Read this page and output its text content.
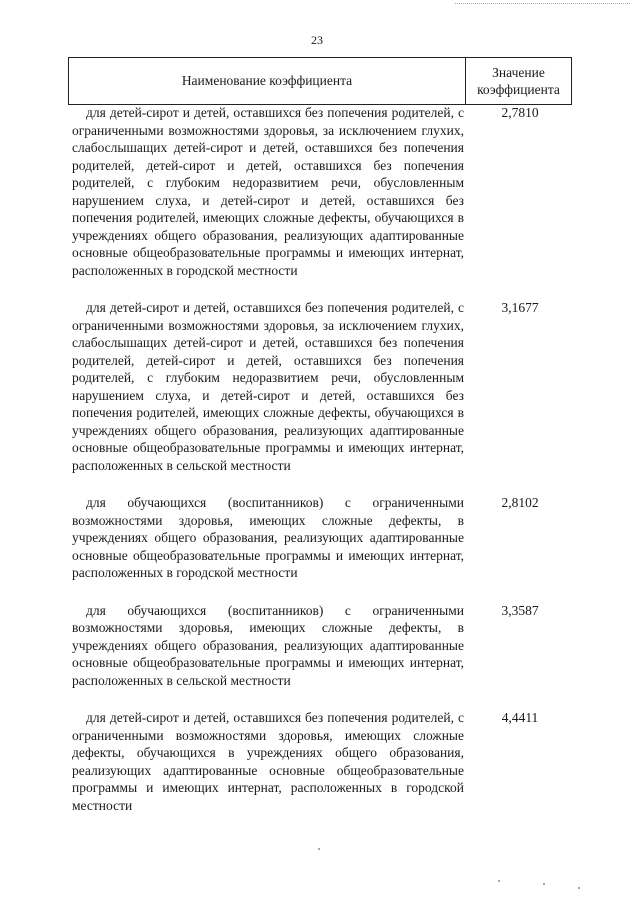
23
Наименование коэффициента
Значение
коэффициента
для детей-сирот и детей, оставшихся без попечения родителей, с ограниченными возможностями здоровья, за исключением глухих, слабослышащих детей-сирот и детей, оставшихся без попечения родителей, детей-сирот и детей, оставшихся без попечения родителей, с глубоким недоразвитием речи, обусловленным нарушением слуха, и детей-сирот и детей, оставшихся без попечения родителей, имеющих сложные дефекты, обучающихся в учреждениях общего образования, реализующих адаптированные основные общеобразовательные программы и имеющих интернат, расположенных в городской местности
2,7810
для детей-сирот и детей, оставшихся без попечения родителей, с ограниченными возможностями здоровья, за исключением глухих, слабослышащих детей-сирот и детей, оставшихся без попечения родителей, детей-сирот и детей, оставшихся без попечения родителей, с глубоким недоразвитием речи, обусловленным нарушением слуха, и детей-сирот и детей, оставшихся без попечения родителей, имеющих сложные дефекты, обучающихся в учреждениях общего образования, реализующих адаптированные основные общеобразовательные программы и имеющих интернат, расположенных в сельской местности
3,1677
для обучающихся (воспитанников) с ограниченными возможностями здоровья, имеющих сложные дефекты, в учреждениях общего образования, реализующих адаптированные основные общеобразовательные программы и имеющих интернат, расположенных в городской местности
2,8102
для обучающихся (воспитанников) с ограниченными возможностями здоровья, имеющих сложные дефекты, в учреждениях общего образования, реализующих адаптированные основные общеобразовательные программы и имеющих интернат, расположенных в сельской местности
3,3587
для детей-сирот и детей, оставшихся без попечения родителей, с ограниченными возможностями здоровья, имеющих сложные дефекты, обучающихся в учреждениях общего образования, реализующих адаптированные основные общеобразовательные программы и имеющих интернат, расположенных в городской местности
4,4411
